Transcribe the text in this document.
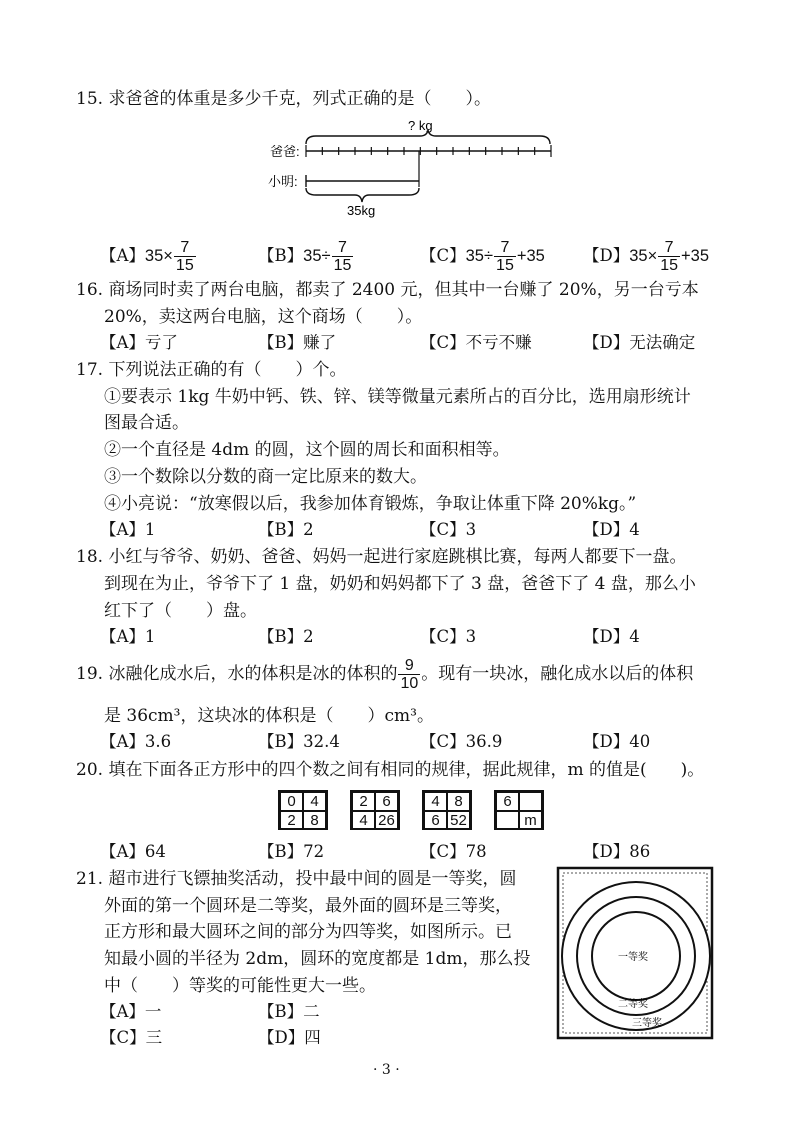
15. 求爸爸的体重是多少千克，列式正确的是（　　）。
? kg
爸爸:
小明:
35kg
【A】$35\times \frac{7}{15}$	【B】$35\div \frac{7}{15}$	【C】$35\div \frac{7}{15} +35$ 【D】$35\times \frac{7}{15} +35$
16. 商场同时卖了两台电脑，都卖了 2400 元，但其中一台赚了 20%，另一台亏本
20%，卖这两台电脑，这个商场（　　）。
【A】亏了	【B】赚了	【C】不亏不赚	【D】无法确定
17. 下列说法正确的有（　　）个。
①要表示 1kg 牛奶中钙、铁、锌、镁等微量元素所占的百分比，选用扇形统计
图最合适。
②一个直径是 4dm 的圆，这个圆的周长和面积相等。
③一个数除以分数的商一定比原来的数大。
④小亮说：“放寒假以后，我参加体育锻炼，争取让体重下降 20%kg。”
【A】1	【B】2	【C】3	【D】4
18. 小红与爷爷、奶奶、爸爸、妈妈一起进行家庭跳棋比赛，每两人都要下一盘。
到现在为止，爷爷下了 1 盘，奶奶和妈妈都下了 3 盘，爸爸下了 4 盘，那么小
红下了（　　）盘。
【A】1	【B】2	【C】3	【D】4
19. 冰融化成水后，水的体积是冰的体积的 $\frac{9}{10}$ 。现有一块冰，融化成水以后的体积
是 36cm³，这块冰的体积是（　　）cm³。
【A】3.6	【B】32.4	【C】36.9	【D】40
20. 填在下面各正方形中的四个数之间有相同的规律，据此规律，m 的值是(　　)。
0 4
2 8
2 6
4 26
4 8
6 52
6
m
【A】64	【B】72	【C】78	【D】86
21. 超市进行飞镖抽奖活动，投中最中间的圆是一等奖，圆
外面的第一个圆环是二等奖，最外面的圆环是三等奖，
正方形和最大圆环之间的部分为四等奖，如图所示。已
知最小圆的半径为 2dm，圆环的宽度都是 1dm，那么投
中（　　）等奖的可能性更大一些。
【A】一	【B】二
【C】三	【D】四
一等奖
二等奖
三等奖
· 3 ·
